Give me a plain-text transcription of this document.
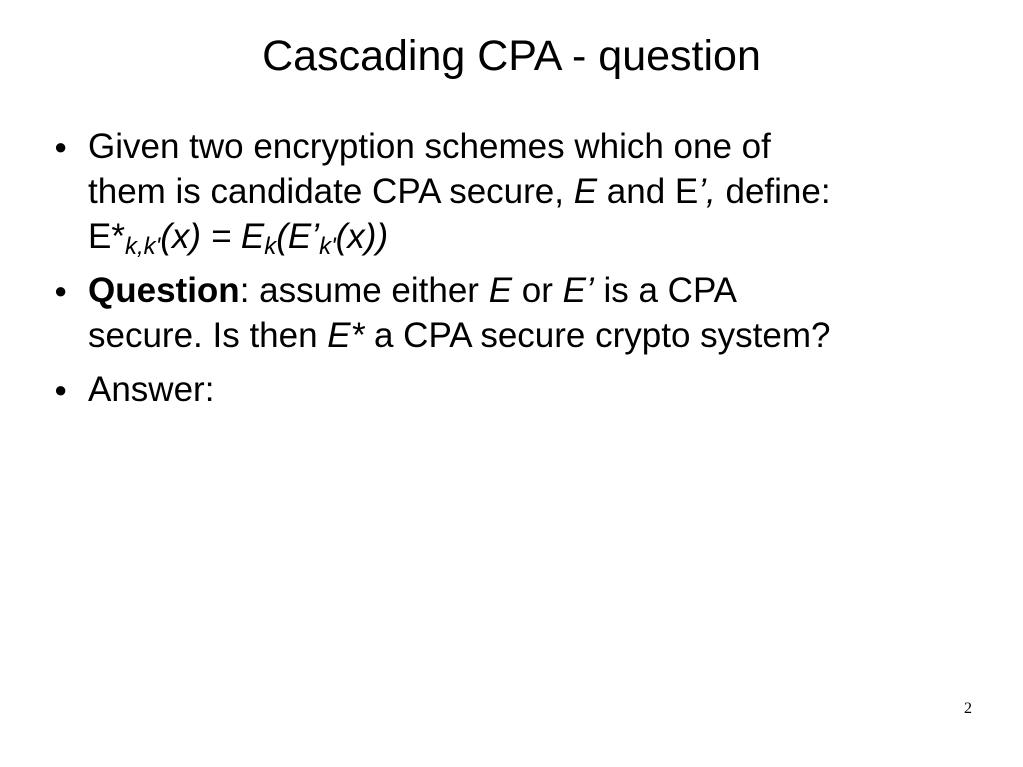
Cascading CPA - question
● Given two encryption schemes which one of
them is candidate CPA secure, E and E’, define:
$E*_{k,k'}(x)$ = $E_k(E’_{k'}(x))$
● Question: assume either E or E’ is a CPA
secure. Is then E* a CPA secure crypto system?
● Answer:
2
